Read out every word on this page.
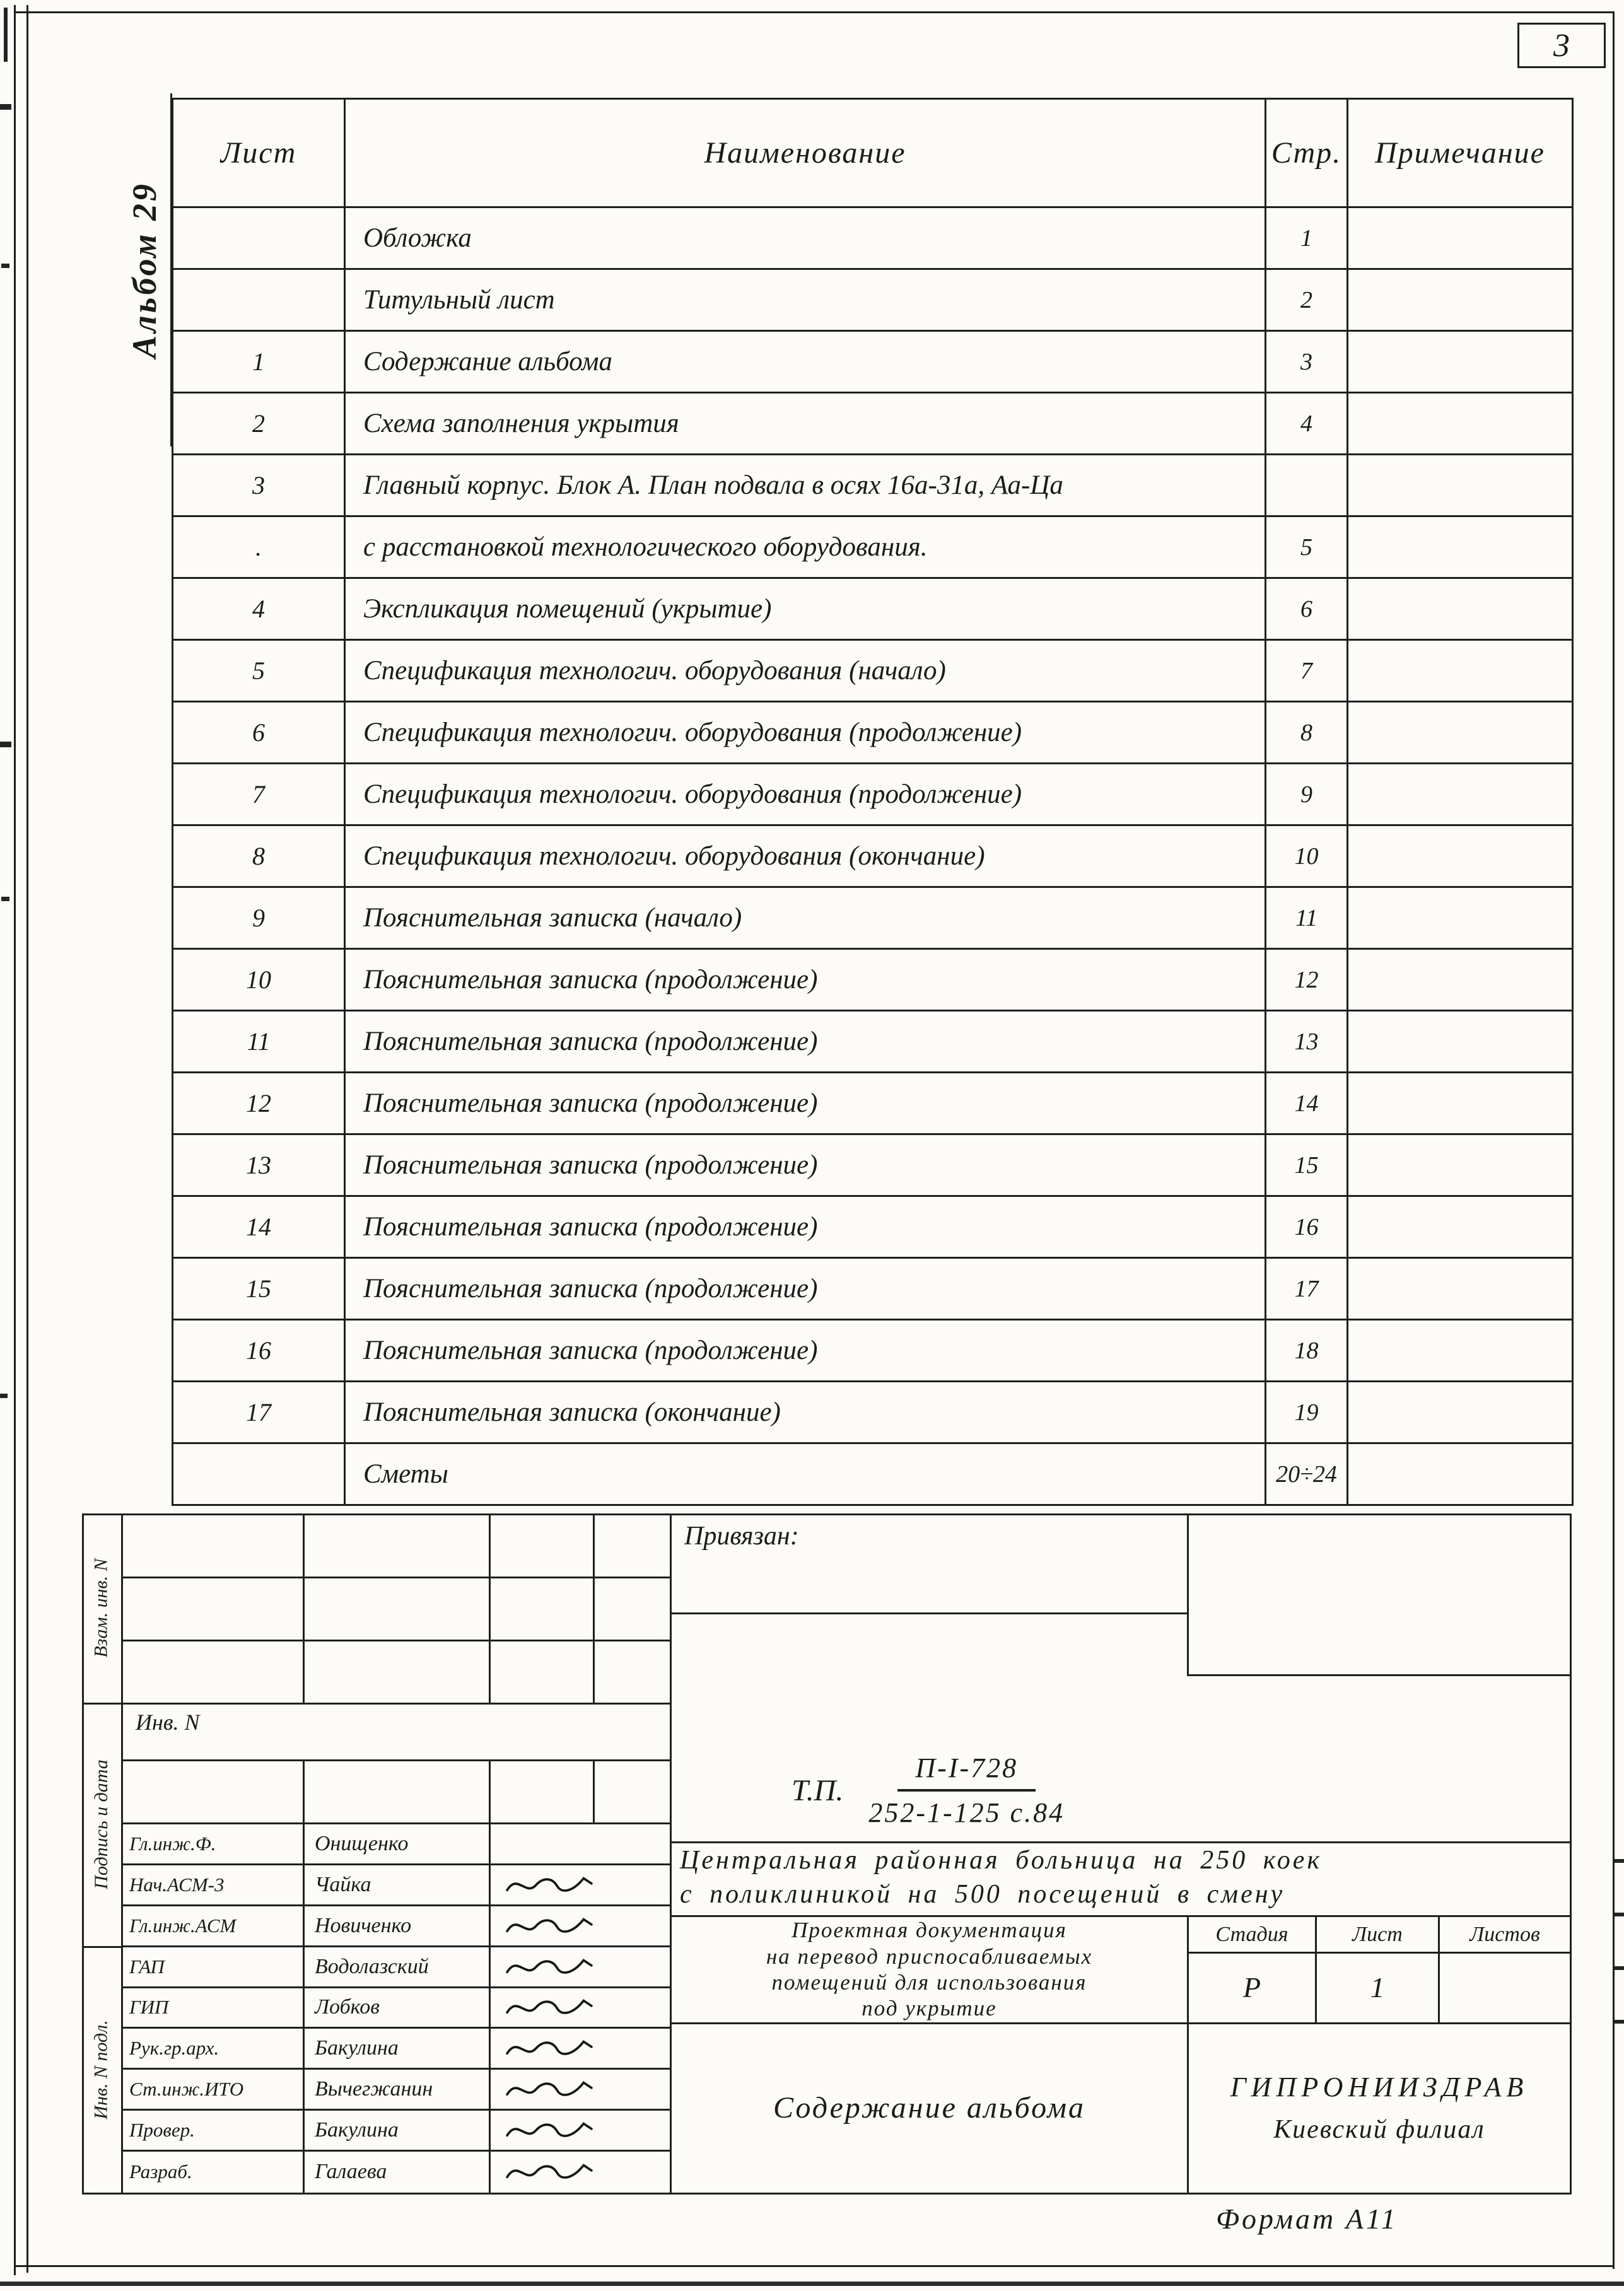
3
Альбом 29
Лист	Наименование	Стр.	Примечание
	Обложка	1	
	Титульный лист	2	
1	Содержание альбома	3	
2	Схема заполнения укрытия	4	
3	Главный корпус. Блок А. План подвала в осях 16а-31а, Аа-Ца		
.	с расстановкой технологического оборудования.	5	
4	Экспликация помещений (укрытие)	6	
5	Спецификация технологич. оборудования (начало)	7	
6	Спецификация технологич. оборудования (продолжение)	8	
7	Спецификация технологич. оборудования (продолжение)	9	
8	Спецификация технологич. оборудования (окончание)	10	
9	Пояснительная записка (начало)	11	
10	Пояснительная записка (продолжение)	12	
11	Пояснительная записка (продолжение)	13	
12	Пояснительная записка (продолжение)	14	
13	Пояснительная записка (продолжение)	15	
14	Пояснительная записка (продолжение)	16	
15	Пояснительная записка (продолжение)	17	
16	Пояснительная записка (продолжение)	18	
17	Пояснительная записка (окончание)	19	
	Сметы	20÷24	
Взам. инв. N
Подпись и дата
Инв. N подл.
Инв. N
Гл.инж.Ф.	Онищенко
Нач.АСМ-3	Чайка
Гл.инж.АСМ	Новиченко
ГАП	Водолазский
ГИП	Лобков
Рук.гр.арх.	Бакулина
Ст.инж.ИТО	Вычегжанин
Провер.	Бакулина
Разраб.	Галаева
Привязан:
Т.П. $\frac{П-I-728}{252-1-125 с.84}$
Центральная районная больница на 250 коек
с поликлиникой на 500 посещений в смену
Проектная документация
на перевод приспосабливаемых
помещений для использования
под укрытие
Стадия	Лист	Листов
Р	1
Содержание альбома
ГИПРОНИИЗДРАВ
Киевский филиал
Формат А11
